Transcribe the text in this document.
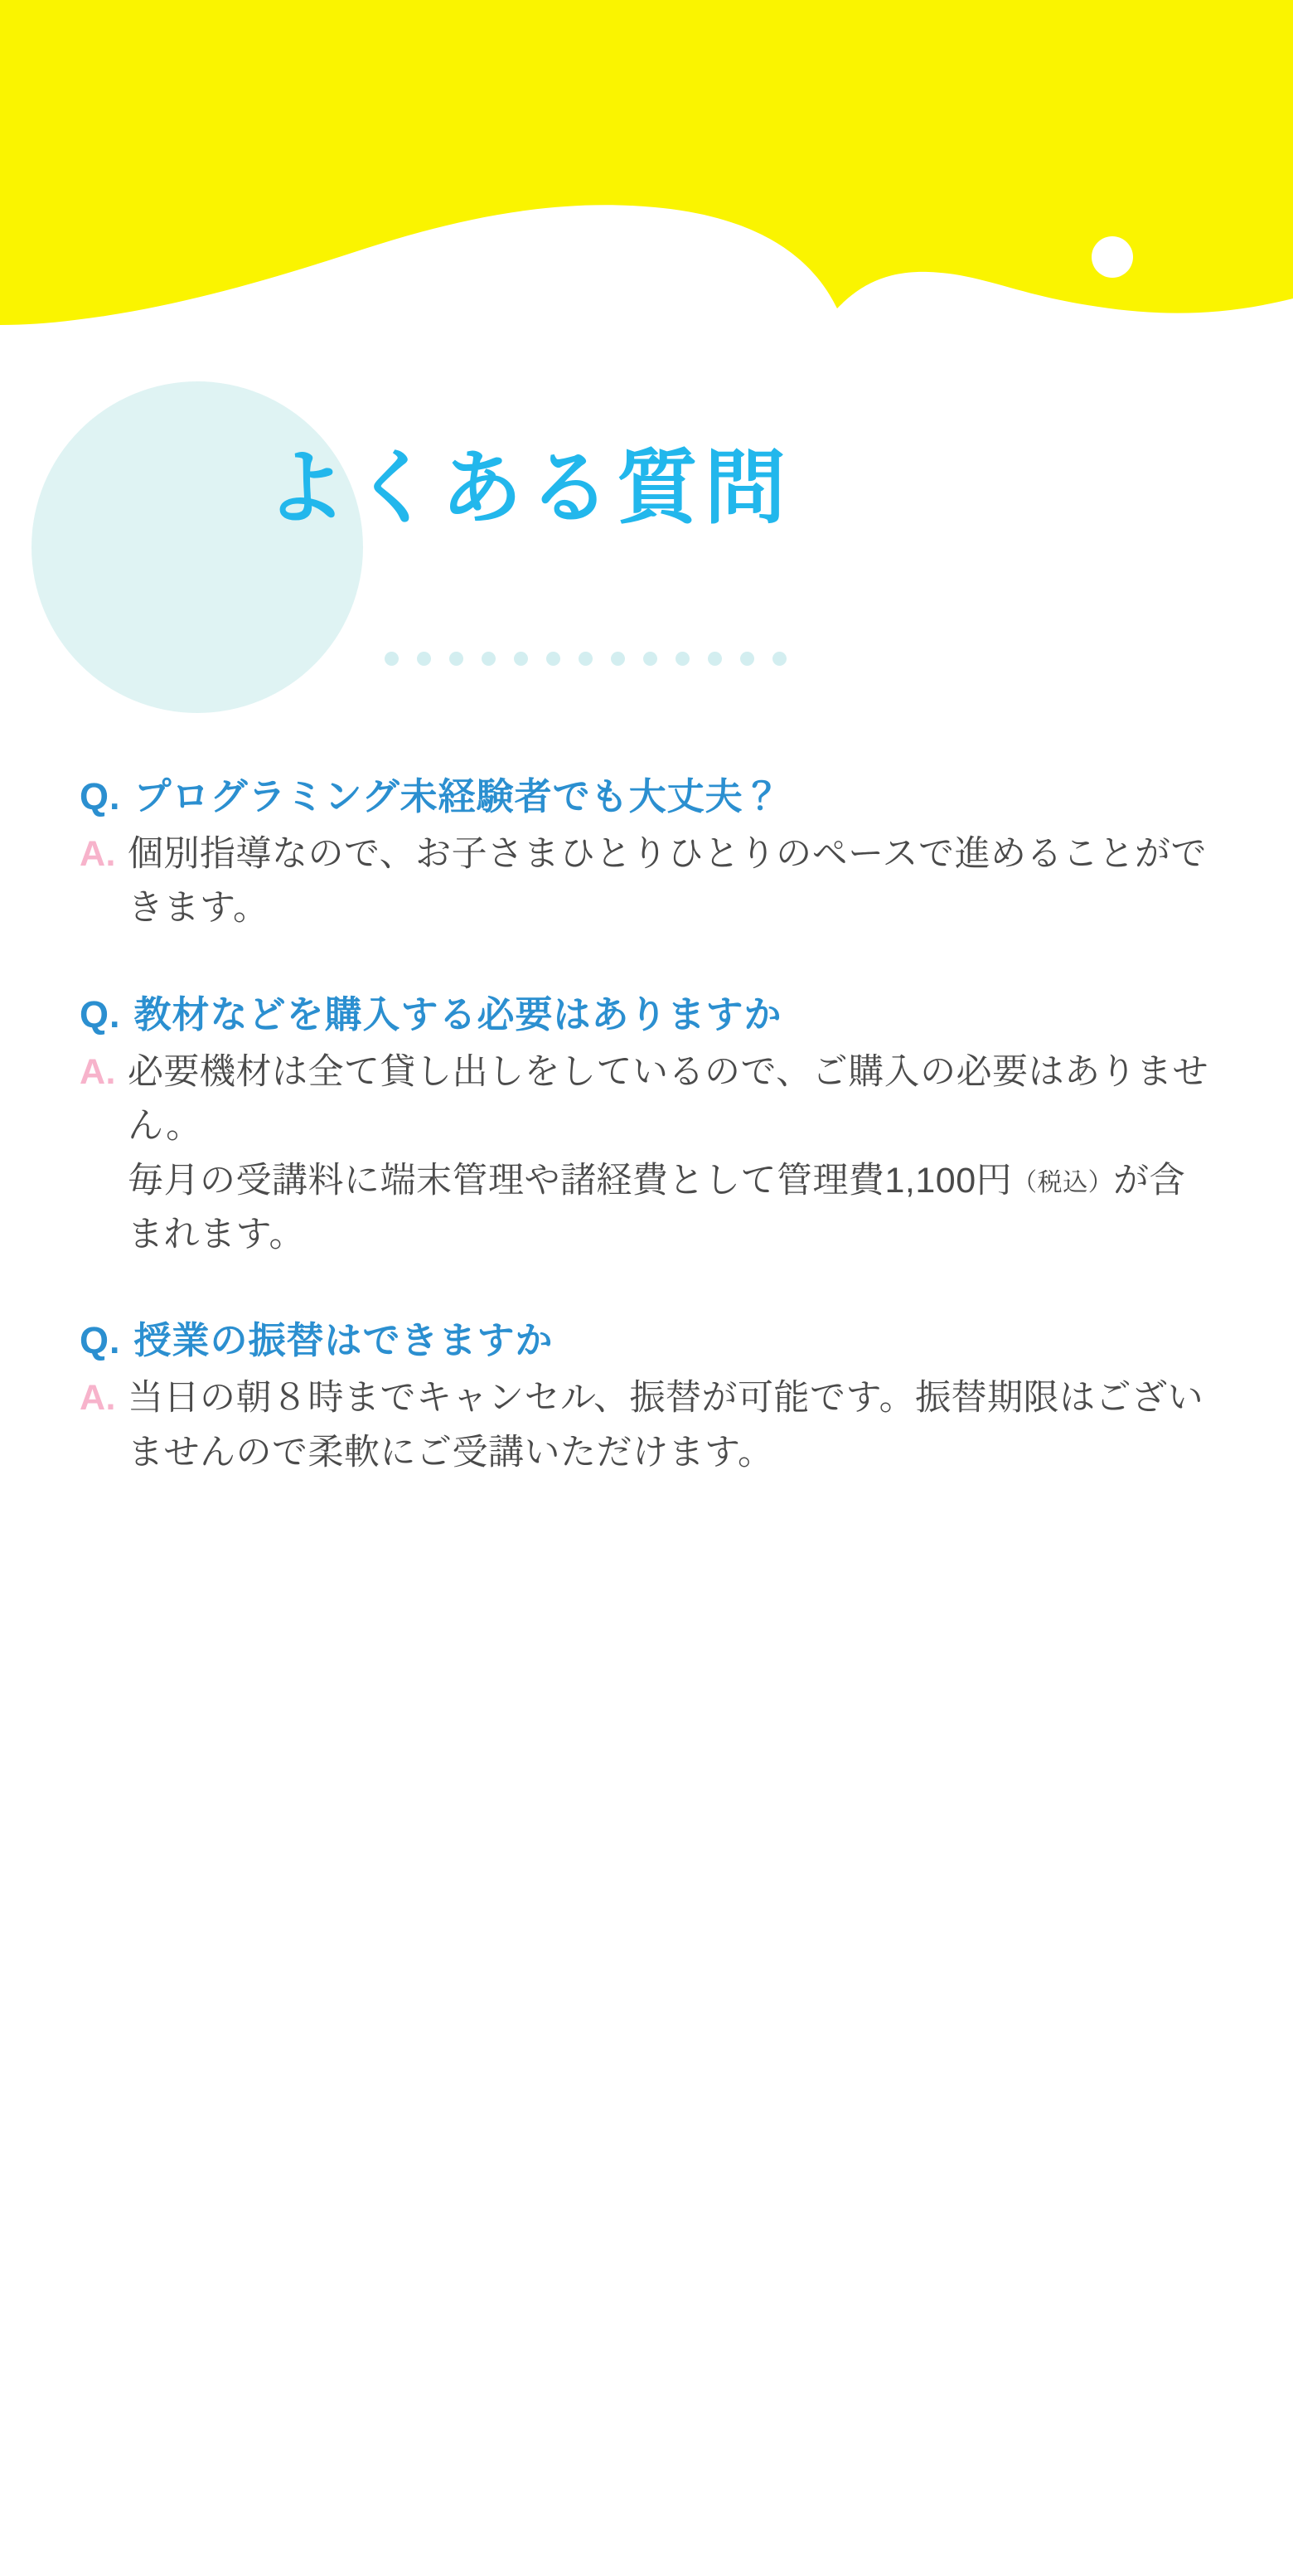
よくある質問
Q. プログラミング未経験者でも大丈夫？
A. 個別指導なので、お子さまひとりひとりのペースで進めることができます。
Q. 教材などを購入する必要はありますか
A. 必要機材は全て貸し出しをしているので、ご購入の必要はありません。
毎月の受講料に端末管理や諸経費として管理費1,100円（税込）が含まれます。
Q. 授業の振替はできますか
A. 当日の朝８時までキャンセル、振替が可能です。振替期限はございませんので柔軟にご受講いただけます。
